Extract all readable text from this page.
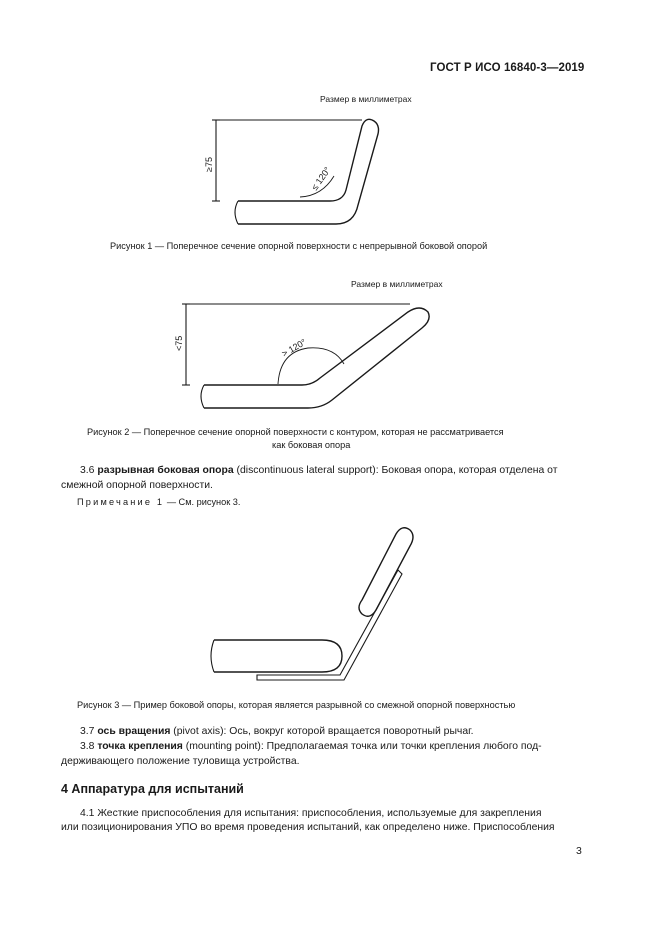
ГОСТ Р ИСО 16840-3—2019
Размер в миллиметрах
≥75
≤ 120°
Рисунок 1 — Поперечное сечение опорной поверхности с непрерывной боковой опорой
Размер в миллиметрах
<75	> 120°
Рисунок 2 — Поперечное сечение опорной поверхности с контуром, которая не рассматривается
как боковая опора
3.6 разрывная боковая опора (discontinuous lateral support): Боковая опора, которая отделена от
смежной опорной поверхности.
Примечание 1 — См. рисунок 3.
Рисунок 3 — Пример боковой опоры, которая является разрывной со смежной опорной поверхностью
3.7 ось вращения (pivot axis): Ось, вокруг которой вращается поворотный рычаг.
3.8 точка крепления (mounting point): Предполагаемая точка или точки крепления любого под-
держивающего положение туловища устройства.
4 Аппаратура для испытаний
4.1 Жесткие приспособления для испытания: приспособления, используемые для закрепления
или позиционирования УПО во время проведения испытаний, как определено ниже. Приспособления
3
